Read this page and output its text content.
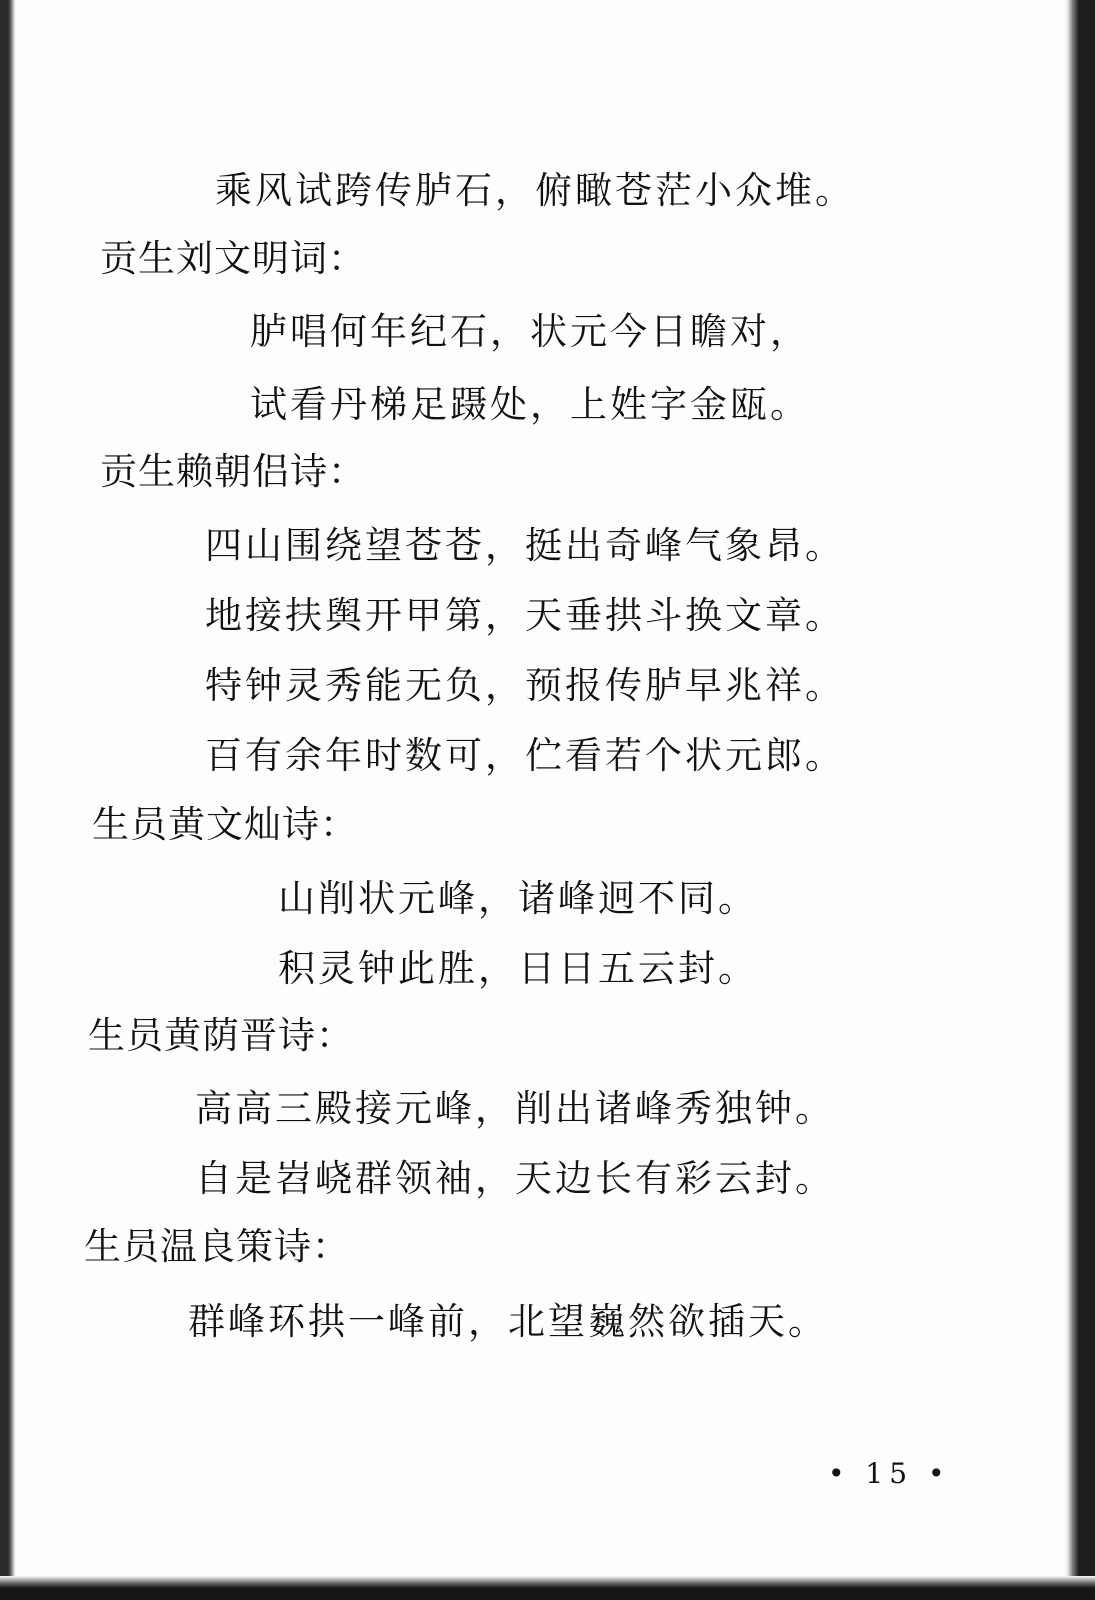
乘风试跨传胪石，俯瞰苍茫小众堆。
贡生刘文明词：
胪唱何年纪石，状元今日瞻对，
试看丹梯足蹑处，上姓字金瓯。
贡生赖朝侣诗：
四山围绕望苍苍，挺出奇峰气象昂。
地接扶舆开甲第，天垂拱斗换文章。
特钟灵秀能无负，预报传胪早兆祥。
百有余年时数可，伫看若个状元郎。
生员黄文灿诗：
山削状元峰，诸峰迥不同。
积灵钟此胜，日日五云封。
生员黄荫晋诗：
高高三殿接元峰，削出诸峰秀独钟。
自是岧峣群领袖，天边长有彩云封。
生员温良策诗：
群峰环拱一峰前，北望巍然欲插天。
• 15 •
